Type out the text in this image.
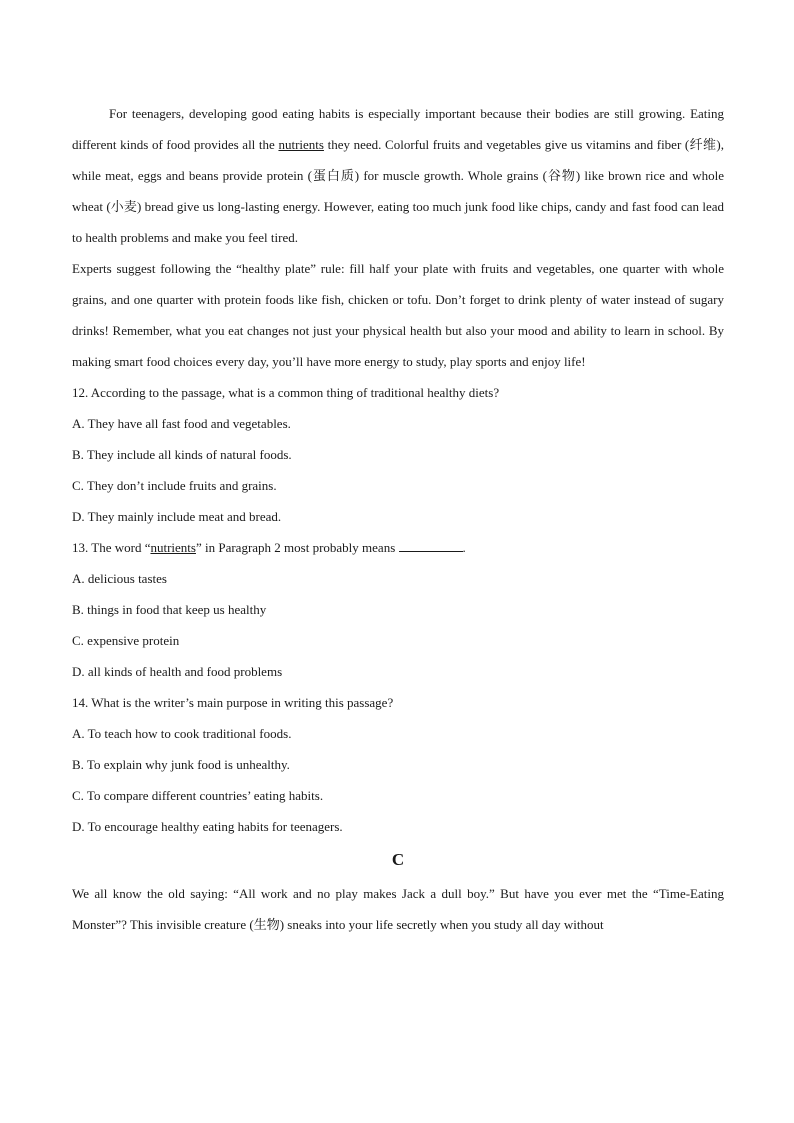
For teenagers, developing good eating habits is especially important because their bodies are still growing. Eating different kinds of food provides all the nutrients they need. Colorful fruits and vegetables give us vitamins and fiber (纤维), while meat, eggs and beans provide protein (蛋白质) for muscle growth. Whole grains (谷物) like brown rice and whole wheat (小麦) bread give us long-lasting energy. However, eating too much junk food like chips, candy and fast food can lead to health problems and make you feel tired.

Experts suggest following the “healthy plate” rule: fill half your plate with fruits and vegetables, one quarter with whole grains, and one quarter with protein foods like fish, chicken or tofu. Don’t forget to drink plenty of water instead of sugary drinks! Remember, what you eat changes not just your physical health but also your mood and ability to learn in school. By making smart food choices every day, you’ll have more energy to study, play sports and enjoy life!

12. According to the passage, what is a common thing of traditional healthy diets?

A. They have all fast food and vegetables.

B. They include all kinds of natural foods.

C. They don’t include fruits and grains.

D. They mainly include meat and bread.

13. The word “nutrients” in Paragraph 2 most probably means	.

A. delicious tastes

B. things in food that keep us healthy

C. expensive protein

D. all kinds of health and food problems

14. What is the writer’s main purpose in writing this passage?

A. To teach how to cook traditional foods.

B. To explain why junk food is unhealthy.

C. To compare different countries’ eating habits.

D. To encourage healthy eating habits for teenagers.

C

We all know the old saying: “All work and no play makes Jack a dull boy.” But have you ever met the “Time-Eating Monster”? This invisible creature (生物) sneaks into your life secretly when you study all day without
